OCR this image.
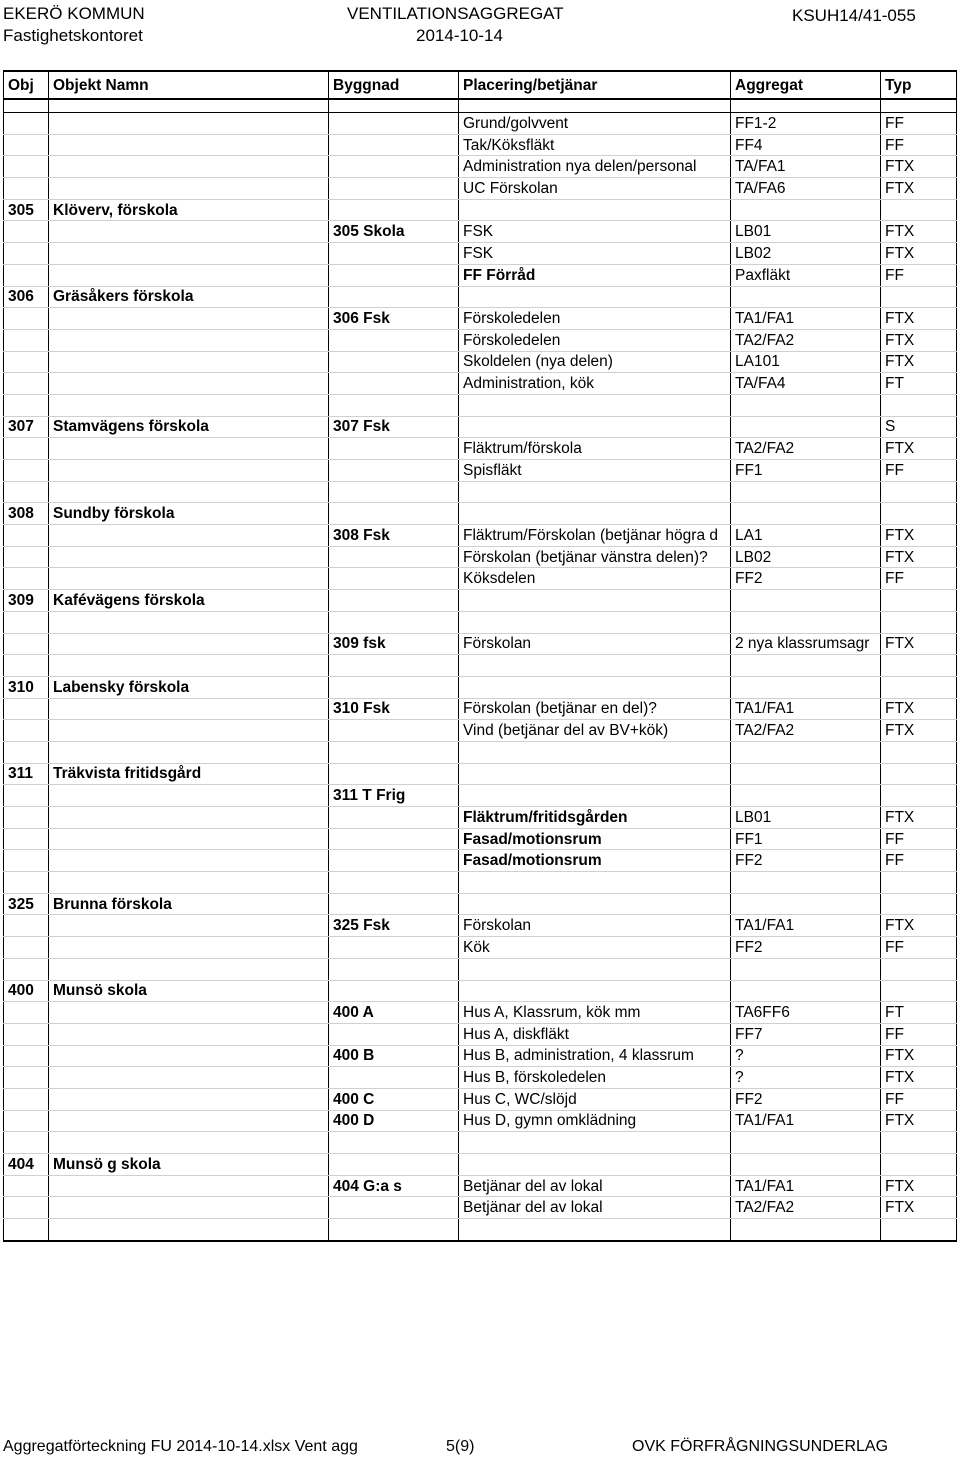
EKERÖ KOMMUN
Fastighetskontoret
VENTILATIONSAGGREGAT
2014-10-14
KSUH14/41-055
Obj	Objekt Namn	Byggnad	Placering/betjänar	Aggregat	Typ

			Grund/golvvent	FF1-2	FF
			Tak/Köksfläkt	FF4	FF
			Administration nya delen/personal	TA/FA1	FTX
			UC Förskolan	TA/FA6	FTX
305	Klöverv, förskola				
		305 Skola	FSK	LB01	FTX
			FSK	LB02	FTX
			FF Förråd	Paxfläkt	FF
306	Gräsåkers förskola				
		306 Fsk	Förskoledelen	TA1/FA1	FTX
			Förskoledelen	TA2/FA2	FTX
			Skoldelen (nya delen)	LA101	FTX
			Administration, kök	TA/FA4	FT

307	Stamvägens förskola	307 Fsk			S
			Fläktrum/förskola	TA2/FA2	FTX
			Spisfläkt	FF1	FF

308	Sundby förskola				
		308 Fsk	Fläktrum/Förskolan (betjänar högra d	LA1	FTX
			Förskolan (betjänar vänstra delen)?	LB02	FTX
			Köksdelen	FF2	FF
309	Kafévägens förskola				

		309 fsk	Förskolan	2 nya klassrumsagr	FTX

310	Labensky förskola				
		310 Fsk	Förskolan (betjänar en del)?	TA1/FA1	FTX
			Vind (betjänar del av BV+kök)	TA2/FA2	FTX

311	Träkvista fritidsgård				
		311 T Frig			
			Fläktrum/fritidsgården	LB01	FTX
			Fasad/motionsrum	FF1	FF
			Fasad/motionsrum	FF2	FF

325	Brunna förskola				
		325 Fsk	Förskolan	TA1/FA1	FTX
			Kök	FF2	FF

400	Munsö skola				
		400 A	Hus A, Klassrum, kök mm	TA6FF6	FT
			Hus A, diskfläkt	FF7	FF
		400 B	Hus B, administration, 4 klassrum	?	FTX
			Hus B, förskoledelen	?	FTX
		400 C	Hus C, WC/slöjd	FF2	FF
		400 D	Hus D, gymn omklädning	TA1/FA1	FTX

404	Munsö g skola				
		404 G:a s	Betjänar del av lokal	TA1/FA1	FTX
			Betjänar del av lokal	TA2/FA2	FTX

Aggregatförteckning FU 2014-10-14.xlsx Vent agg	5(9)	OVK FÖRFRÅGNINGSUNDERLAG
